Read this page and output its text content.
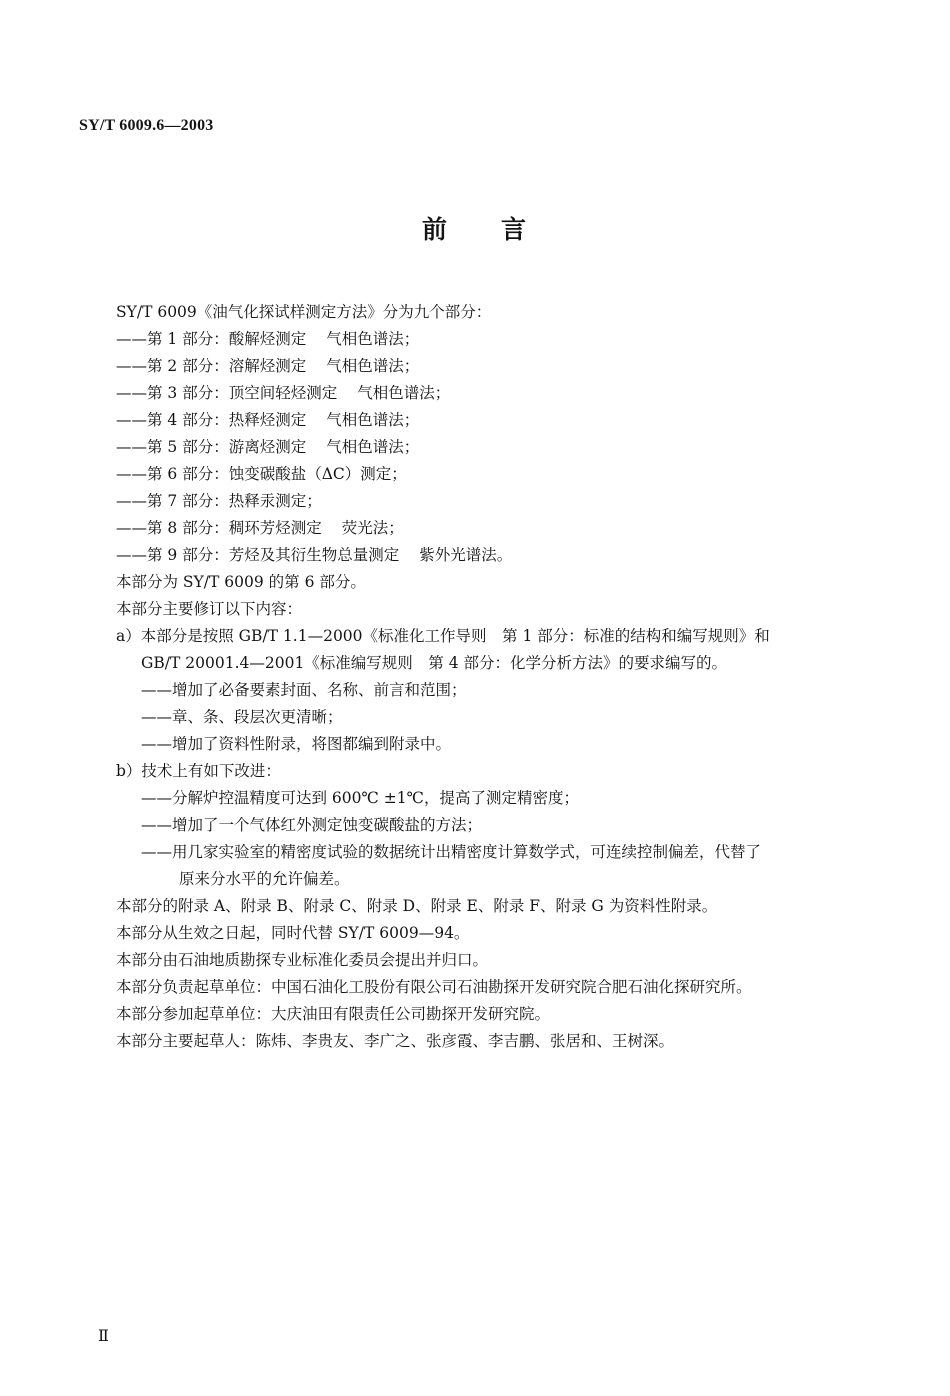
SY/T 6009.6—2003
前 言
SY/T 6009《油气化探试样测定方法》分为九个部分：
——第 1 部分：酸解烃测定 气相色谱法；
——第 2 部分：溶解烃测定 气相色谱法；
——第 3 部分：顶空间轻烃测定 气相色谱法；
——第 4 部分：热释烃测定 气相色谱法；
——第 5 部分：游离烃测定 气相色谱法；
——第 6 部分：蚀变碳酸盐（ΔC）测定；
——第 7 部分：热释汞测定；
——第 8 部分：稠环芳烃测定 荧光法；
——第 9 部分：芳烃及其衍生物总量测定 紫外光谱法。
本部分为 SY/T 6009 的第 6 部分。
本部分主要修订以下内容：
a）本部分是按照 GB/T 1.1—2000《标准化工作导则　第 1 部分：标准的结构和编写规则》和
GB/T 20001.4—2001《标准编写规则　第 4 部分：化学分析方法》的要求编写的。
——增加了必备要素封面、名称、前言和范围；
——章、条、段层次更清晰；
——增加了资料性附录，将图都编到附录中。
b）技术上有如下改进：
——分解炉控温精度可达到 600℃ ±1℃，提高了测定精密度；
——增加了一个气体红外测定蚀变碳酸盐的方法；
——用几家实验室的精密度试验的数据统计出精密度计算数学式，可连续控制偏差，代替了
原来分水平的允许偏差。
本部分的附录 A、附录 B、附录 C、附录 D、附录 E、附录 F、附录 G 为资料性附录。
本部分从生效之日起，同时代替 SY/T 6009—94。
本部分由石油地质勘探专业标准化委员会提出并归口。
本部分负责起草单位：中国石油化工股份有限公司石油勘探开发研究院合肥石油化探研究所。
本部分参加起草单位：大庆油田有限责任公司勘探开发研究院。
本部分主要起草人：陈炜、李贵友、李广之、张彦霞、李吉鹏、张居和、王树深。
Ⅱ
